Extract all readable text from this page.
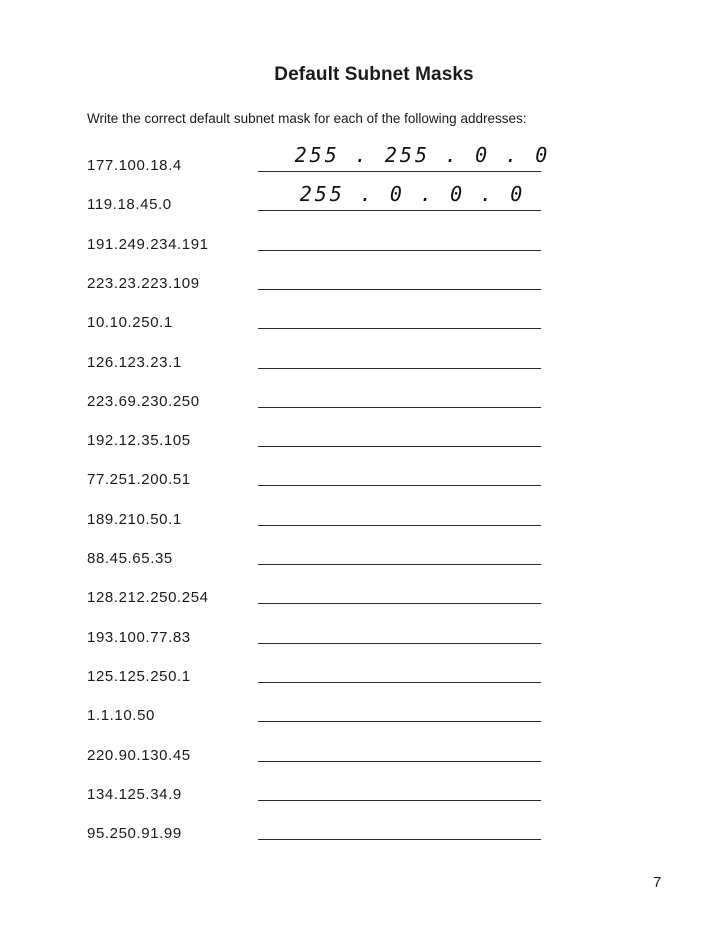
Default Subnet Masks
Write the correct default subnet mask for each of the following addresses:
177.100.18.4	255 . 255 . 0 . 0
119.18.45.0	255 . 0 . 0 . 0
191.249.234.191
223.23.223.109
10.10.250.1
126.123.23.1
223.69.230.250
192.12.35.105
77.251.200.51
189.210.50.1
88.45.65.35
128.212.250.254
193.100.77.83
125.125.250.1
1.1.10.50
220.90.130.45
134.125.34.9
95.250.91.99
7
